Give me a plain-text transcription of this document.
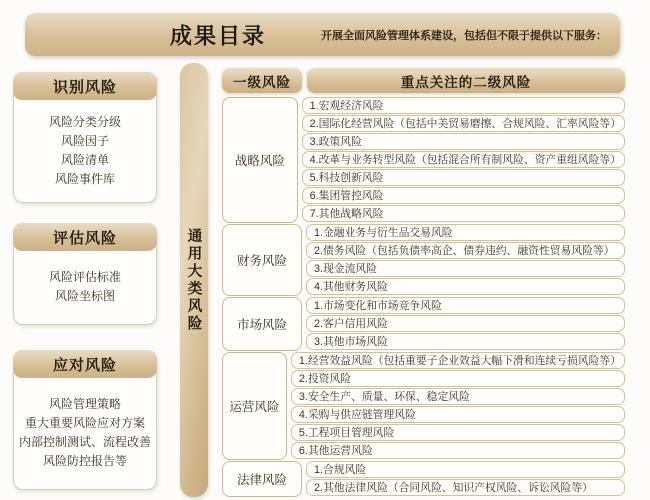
成果目录	开展全面风险管理体系建设，包括但不限于提供以下服务：
识别风险
风险分类分级
风险因子
风险清单
风险事件库
评估风险
风险评估标准
风险坐标图
应对风险
风险管理策略
重大重要风险应对方案
内部控制测试、流程改善
风险防控报告等
通用大类风险
一级风险	重点关注的二级风险
战略风险
1.宏观经济风险
2.国际化经营风险（包括中美贸易磨擦、合规风险、汇率风险等）
3.政策风险
4.改革与业务转型风险（包括混合所有制风险、资产重组风险等）
5.科技创新风险
6.集团管控风险
7.其他战略风险
财务风险
1.金融业务与衍生品交易风险
2.债务风险（包括负债率高企、债券违约、融资性贸易风险等）
3.现金流风险
4.其他财务风险
市场风险
1.市场变化和市场竞争风险
2.客户信用风险
3.其他市场风险
运营风险
1.经营效益风险（包括重要子企业效益大幅下滑和连续亏损风险等）
2.投资风险
3.安全生产、质量、环保、稳定风险
4.采购与供应链管理风险
5.工程项目管理风险
6.其他运营风险
法律风险
1.合规风险
2.其他法律风险（合同风险、知识产权风险、诉讼风险等）
